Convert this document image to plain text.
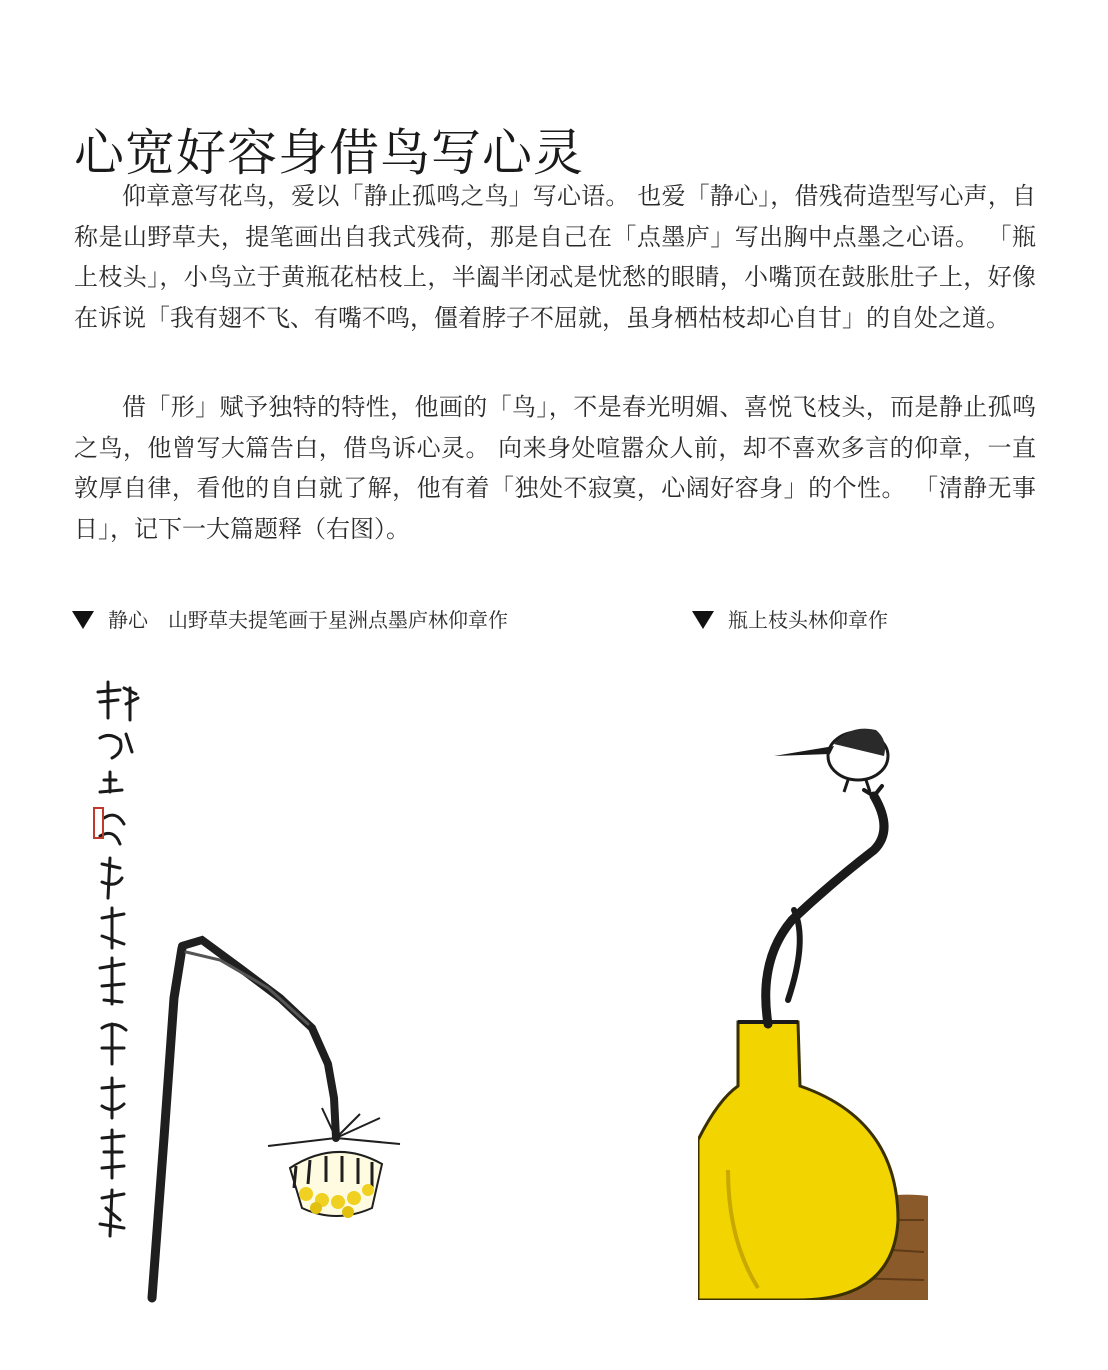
心宽好容身借鸟写心灵

仰章意写花鸟，爱以「静止孤鸣之鸟」写心语。 也爱「静心」，借残荷造型写心声，自称是山野草夫，提笔画出自我式残荷，那是自己在「点墨庐」写出胸中点墨之心语。 「瓶上枝头」，小鸟立于黄瓶花枯枝上，半阖半闭忒是忧愁的眼睛，小嘴顶在鼓胀肚子上，好像在诉说「我有翅不飞、有嘴不鸣，僵着脖子不屈就，虽身栖枯枝却心自甘」的自处之道。

借「形」赋予独特的特性，他画的「鸟」，不是春光明媚、喜悦飞枝头，而是静止孤鸣之鸟，他曾写大篇告白，借鸟诉心灵。 向来身处喧嚣众人前，却不喜欢多言的仰章，一直敦厚自律，看他的自白就了解，他有着「独处不寂寞，心阔好容身」的个性。 「清静无事日」，记下一大篇题释（右图）。

静心　山野草夫提笔画于星洲点墨庐林仰章作	瓶上枝头林仰章作
